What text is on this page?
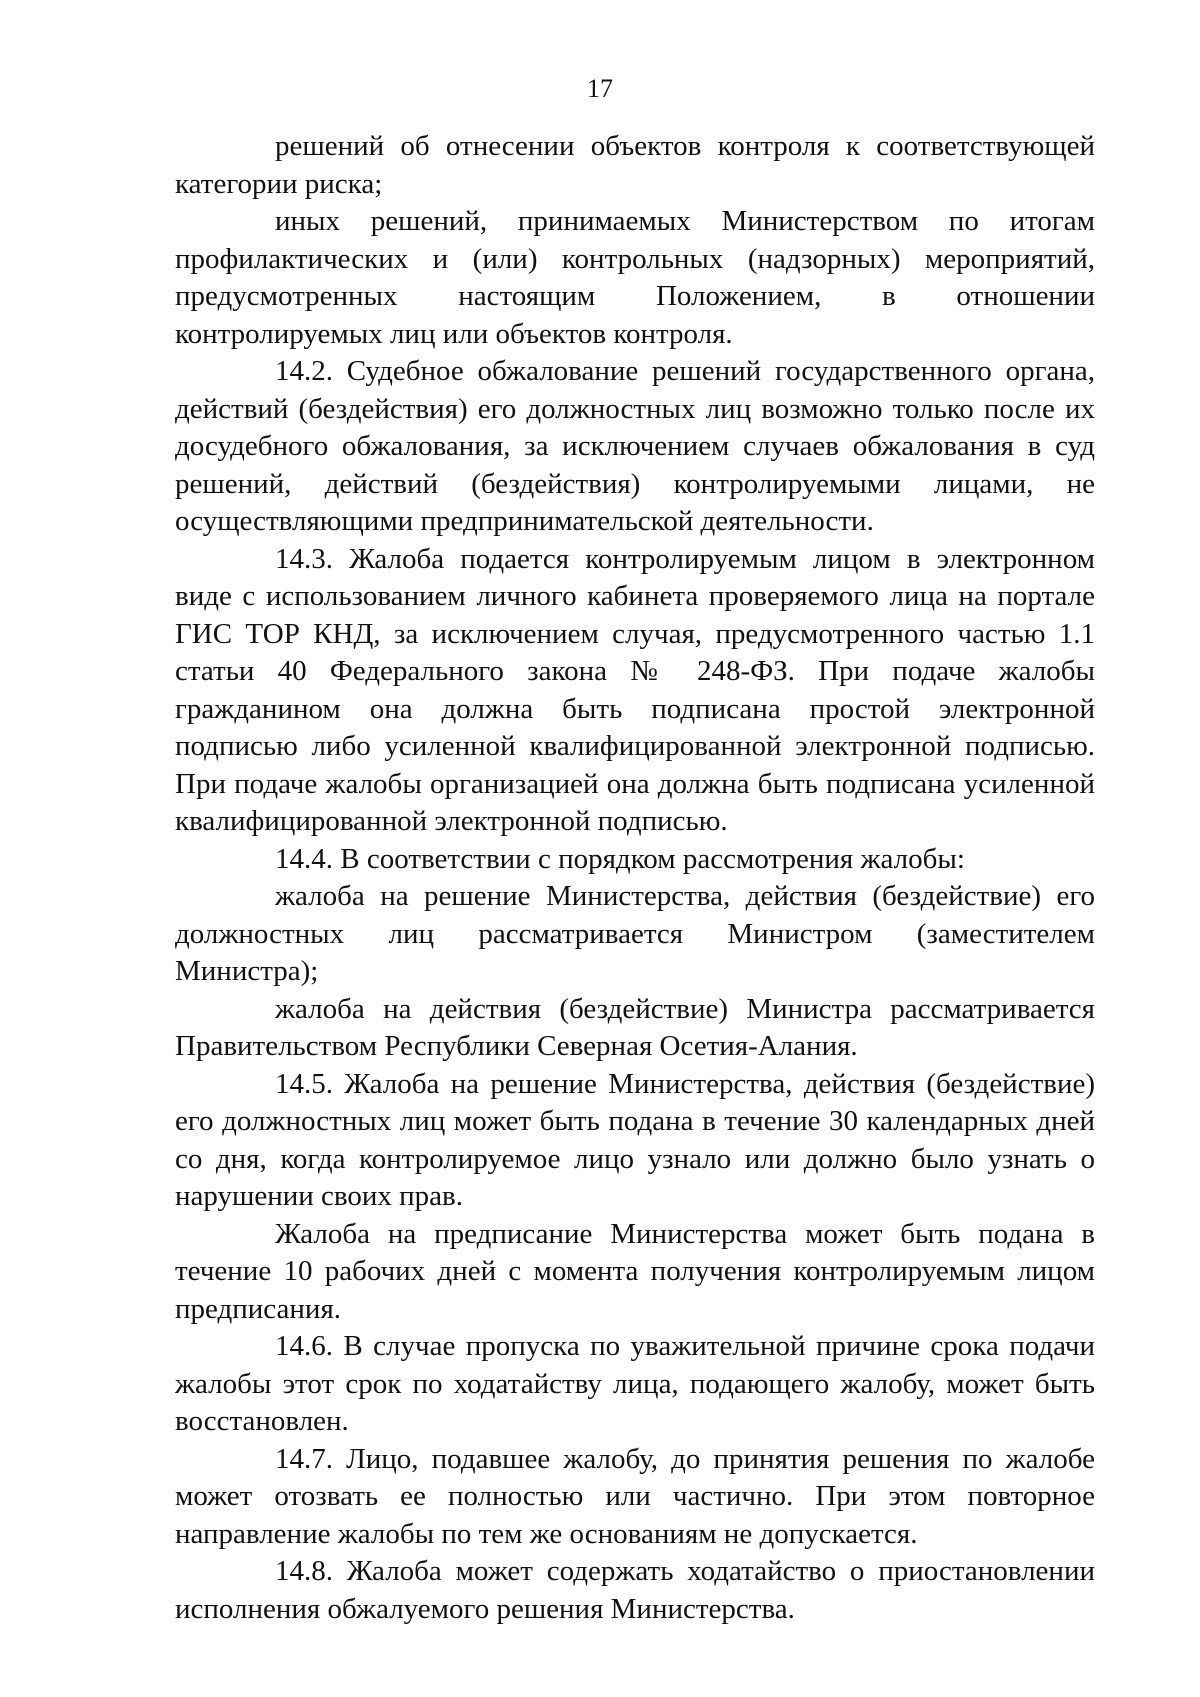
17

решений об отнесении объектов контроля к соответствующей категории риска;

иных решений, принимаемых Министерством по итогам профилактических и (или) контрольных (надзорных) мероприятий, предусмотренных настоящим Положением, в отношении контролируемых лиц или объектов контроля.

14.2. Судебное обжалование решений государственного органа, действий (бездействия) его должностных лиц возможно только после их досудебного обжалования, за исключением случаев обжалования в суд решений, действий (бездействия) контролируемыми лицами, не осуществляющими предпринимательской деятельности.

14.3. Жалоба подается контролируемым лицом в электронном виде с использованием личного кабинета проверяемого лица на портале ГИС ТОР КНД, за исключением случая, предусмотренного частью 1.1 статьи 40 Федерального закона № 248-ФЗ. При подаче жалобы гражданином она должна быть подписана простой электронной подписью либо усиленной квалифицированной электронной подписью. При подаче жалобы организацией она должна быть подписана усиленной квалифицированной электронной подписью.

14.4. В соответствии с порядком рассмотрения жалобы:

жалоба на решение Министерства, действия (бездействие) его должностных лиц рассматривается Министром (заместителем Министра);

жалоба на действия (бездействие) Министра рассматривается Правительством Республики Северная Осетия-Алания.

14.5. Жалоба на решение Министерства, действия (бездействие) его должностных лиц может быть подана в течение 30 календарных дней со дня, когда контролируемое лицо узнало или должно было узнать о нарушении своих прав.

Жалоба на предписание Министерства может быть подана в течение 10 рабочих дней с момента получения контролируемым лицом предписания.

14.6. В случае пропуска по уважительной причине срока подачи жалобы этот срок по ходатайству лица, подающего жалобу, может быть восстановлен.

14.7. Лицо, подавшее жалобу, до принятия решения по жалобе может отозвать ее полностью или частично. При этом повторное направление жалобы по тем же основаниям не допускается.

14.8. Жалоба может содержать ходатайство о приостановлении исполнения обжалуемого решения Министерства.
